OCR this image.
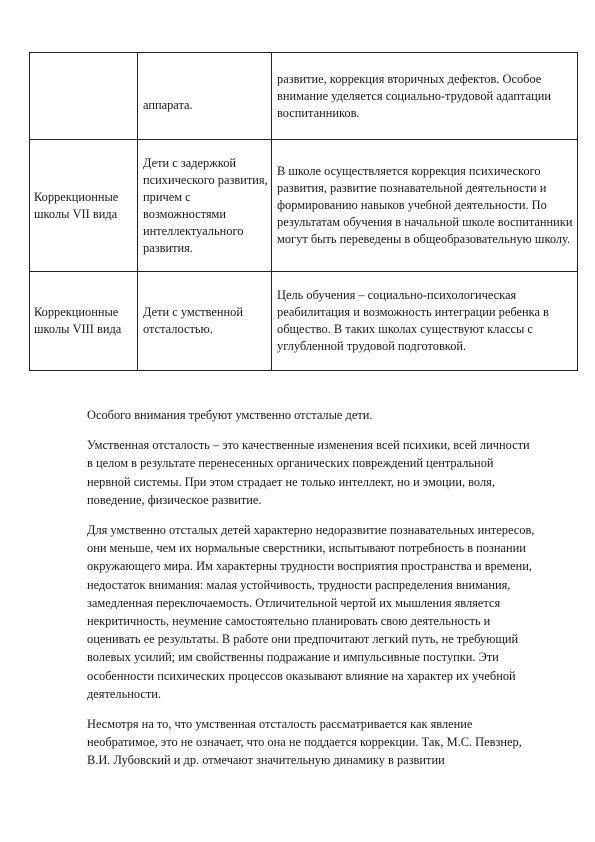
	аппарата.	развитие, коррекция вторичных дефектов. Особое внимание уделяется социально-трудовой адаптации воспитанников.

Коррекционные школы VII вида	Дети с задержкой психического развития, причем с возможностями интеллектуального развития.	В школе осуществляется коррекция психического развития, развитие познавательной деятельности и формированию навыков учебной деятельности. По результатам обучения в начальной школе воспитанники могут быть переведены в общеобразовательную школу.

Коррекционные школы VIII вида	Дети с умственной отсталостью.	Цель обучения – социально-психологическая реабилитация и возможность интеграции ребенка в общество. В таких школах существуют классы с углубленной трудовой подготовкой.

Особого внимания требуют умственно отсталые дети.

Умственная отсталость – это качественные изменения всей психики, всей личности в целом в результате перенесенных органических повреждений центральной нервной системы. При этом страдает не только интеллект, но и эмоции, воля, поведение, физическое развитие.

Для умственно отсталых детей характерно недоразвитие познавательных интересов, они меньше, чем их нормальные сверстники, испытывают потребность в познании окружающего мира. Им характерны трудности восприятия пространства и времени, недостаток внимания: малая устойчивость, трудности распределения внимания, замедленная переключаемость. Отличительной чертой их мышления является некритичность, неумение самостоятельно планировать свою деятельность и оценивать ее результаты. В работе они предпочитают легкий путь, не требующий волевых усилий; им свойственны подражание и импульсивные поступки. Эти особенности психических процессов оказывают влияние на характер их учебной деятельности.

Несмотря на то, что умственная отсталость рассматривается как явление необратимое, это не означает, что она не поддается коррекции. Так, М.С. Певзнер, В.И. Лубовский и др. отмечают значительную динамику в развитии
